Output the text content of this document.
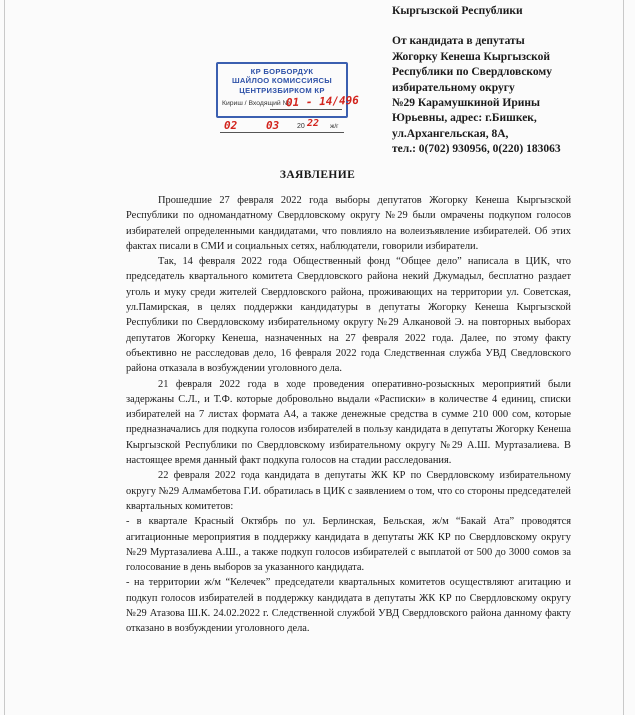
Кыргызской Республики
От кандидата в депутаты
Жогорку Кенеша Кыргызской
Республики по Свердловскому
избирательному округу
№29 Карамушкиной Ирины
Юрьевны, адрес: г.Бишкек,
ул.Архангельская, 8А,
тел.: 0(702) 930956, 0(220) 183063
КР БОРБОРДУК
ШАЙЛОО КОМИССИЯСЫ
ЦЕНТРИЗБИРКОМ КР
Кириш / Входящий №
01 - 14/496
02	03	20 22 ж/г
ЗАЯВЛЕНИЕ

Прошедшие 27 февраля 2022 года выборы депутатов Жогорку Кенеша Кыргызской Республики по одномандатному Свердловскому округу №29 были омрачены подкупом голосов избирателей определенными кандидатами, что повлияло на волеизъявление избирателей. Об этих фактах писали в СМИ и социальных сетях, наблюдатели, говорили избиратели.

Так, 14 февраля 2022 года Общественный фонд “Общее дело” написала в ЦИК, что председатель квартального комитета Свердловского района некий Джумадыл, бесплатно раздает уголь и муку среди жителей Свердловского района, проживающих на территории ул. Советская, ул.Памирская, в целях поддержки кандидатуры в депутаты Жогорку Кенеша Кыргызской Республики по Свердловскому избирательному округу №29 Алкановой Э. на повторных выборах депутатов Жогорку Кенеша, назначенных на 27 февраля 2022 года. Далее, по этому факту объективно не расследовав дело, 16 февраля 2022 года Следственная служба УВД Сведловского района отказала в возбуждении уголовного дела.

21 февраля 2022 года в ходе проведения оперативно-розыскных мероприятий были задержаны С.Л., и Т.Ф. которые добровольно выдали «Расписки» в количестве 4 единиц, списки избирателей на 7 листах формата А4, а также денежные средства в сумме 210 000 сом, которые предназначались для подкупа голосов избирателей в пользу кандидата в депутаты Жогорку Кенеша Кыргызской Республики по Свердловскому избирательному округу №29 А.Ш. Муртазалиева. В настоящее время данный факт подкупа голосов на стадии расследования.

22 февраля 2022 года кандидата в депутаты ЖК КР по Свердловскому избирательному округу №29 Алмамбетова Г.И. обратилась в ЦИК с заявлением о том, что со стороны председателей квартальных комитетов:

- в квартале Красный Октябрь по ул. Берлинская, Бельская, ж/м “Бакай Ата” проводятся агитационные мероприятия в поддержку кандидата в депутаты ЖК КР по Свердловскому округу №29 Муртазалиева А.Ш., а также подкуп голосов избирателей с выплатой от 500 до 3000 сомов за голосование в день выборов за указанного кандидата.

- на территории ж/м “Келечек” председатели квартальных комитетов осуществляют агитацию и подкуп голосов избирателей в поддержку кандидата в депутаты ЖК КР по Свердловскому округу №29 Атазова Ш.К. 24.02.2022 г. Следственной службой УВД Свердловского района данному факту отказано в возбуждении уголовного дела.
